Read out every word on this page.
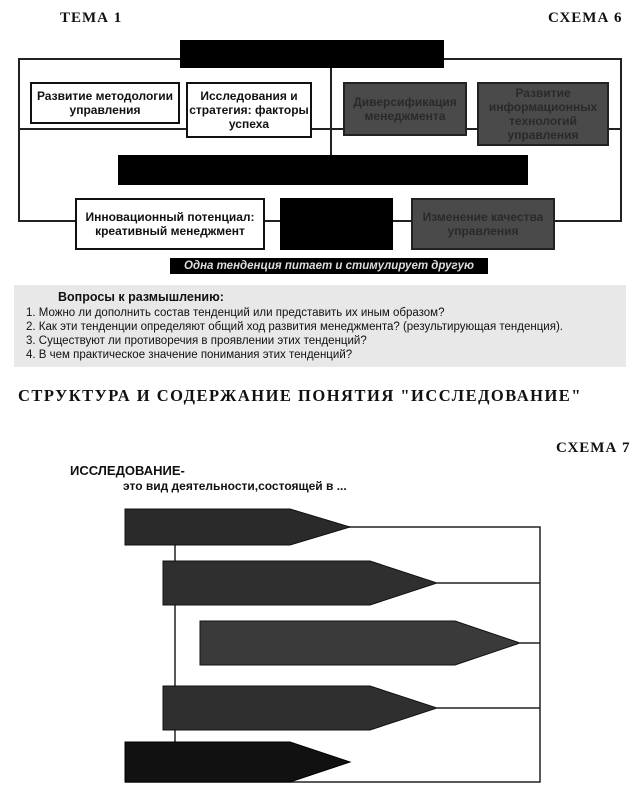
ТЕМА 1	СХЕМА 6
Развитие методологии управления
Исследования и стратегия: факторы успеха
Диверсификация менеджмента
Развитие информационных технологий управления
Инновационный потенциал: креативный менеджмент
Изменение качества управления
Одна тенденция питает и стимулирует другую
Вопросы к размышлению:
1. Можно ли дополнить состав тенденций или представить их иным образом?
2. Как эти тенденции определяют общий ход развития менеджмента? (результирующая тенденция).
3. Существуют ли противоречия в проявлении этих тенденций?
4. В чем практическое значение понимания этих тенденций?
СТРУКТУРА И СОДЕРЖАНИЕ ПОНЯТИЯ "ИССЛЕДОВАНИЕ"
СХЕМА 7
ИССЛЕДОВАНИЕ-
это вид деятельности,состоящей в ...
